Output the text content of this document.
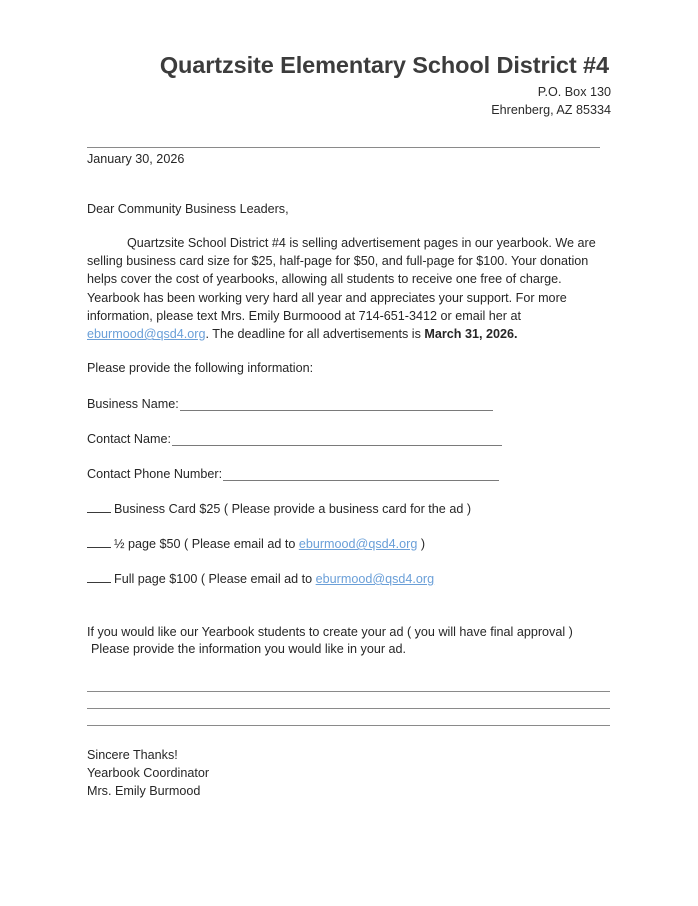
Quartzsite Elementary School District #4
P.O. Box 130
Ehrenberg, AZ 85334
January 30, 2026
Dear Community Business Leaders,
Quartzsite School District #4 is selling advertisement pages in our yearbook. We are selling business card size for $25, half-page for $50, and full-page for $100. Your donation helps cover the cost of yearbooks, allowing all students to receive one free of charge. Yearbook has been working very hard all year and appreciates your support. For more information, please text Mrs. Emily Burmoood at 714-651-3412 or email her at eburmood@qsd4.org. The deadline for all advertisements is March 31, 2026.
Please provide the following information:
Business Name:
Contact Name:
Contact Phone Number:
Business Card $25 ( Please provide a business card for the ad )
½ page $50 ( Please email ad to eburmood@qsd4.org )
Full page $100 ( Please email ad to eburmood@qsd4.org
If you would like our Yearbook students to create your ad ( you will have final approval )
Please provide the information you would like in your ad.
Sincere Thanks!
Yearbook Coordinator
Mrs. Emily Burmood
